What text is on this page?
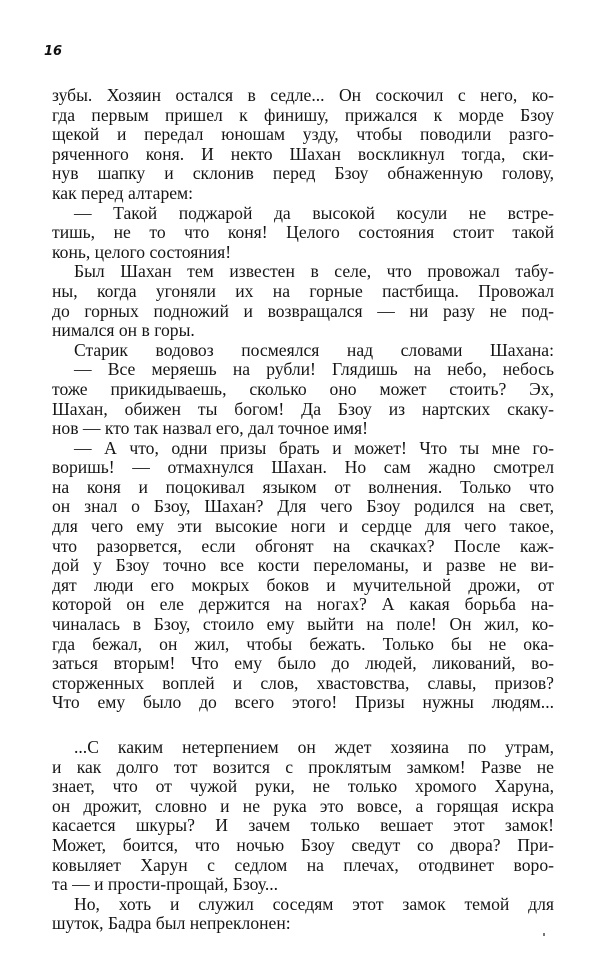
16
зубы. Хозяин остался в седле... Он соскочил с него, ко-
гда первым пришел к финишу, прижался к морде Бзоу
щекой и передал юношам узду, чтобы поводили разго-
ряченного коня. И некто Шахан воскликнул тогда, ски-
нув шапку и склонив перед Бзоу обнаженную голову,
как перед алтарем:
— Такой поджарой да высокой косули не встре-
тишь, не то что коня! Целого состояния стоит такой
конь, целого состояния!
Был Шахан тем известен в селе, что провожал табу-
ны, когда угоняли их на горные пастбища. Провожал
до горных подножий и возвращался — ни разу не под-
нимался он в горы.
Старик водовоз посмеялся над словами Шахана:
— Все меряешь на рубли! Глядишь на небо, небось
тоже прикидываешь, сколько оно может стоить? Эх,
Шахан, обижен ты богом! Да Бзоу из нартских скаку-
нов — кто так назвал его, дал точное имя!
— А что, одни призы брать и может! Что ты мне го-
воришь! — отмахнулся Шахан. Но сам жадно смотрел
на коня и поцокивал языком от волнения. Только что
он знал о Бзоу, Шахан? Для чего Бзоу родился на свет,
для чего ему эти высокие ноги и сердце для чего такое,
что разорвется, если обгонят на скачках? После каж-
дой у Бзоу точно все кости переломаны, и разве не ви-
дят люди его мокрых боков и мучительной дрожи, от
которой он еле держится на ногах? А какая борьба на-
чиналась в Бзоу, стоило ему выйти на поле! Он жил, ко-
гда бежал, он жил, чтобы бежать. Только бы не ока-
заться вторым! Что ему было до людей, ликований, во-
сторженных воплей и слов, хвастовства, славы, призов?
Что ему было до всего этого! Призы нужны людям...
...С каким нетерпением он ждет хозяина по утрам,
и как долго тот возится с проклятым замком! Разве не
знает, что от чужой руки, не только хромого Харуна,
он дрожит, словно и не рука это вовсе, а горящая искра
касается шкуры? И зачем только вешает этот замок!
Может, боится, что ночью Бзоу сведут со двора? При-
ковыляет Харун с седлом на плечах, отодвинет воро-
та — и прости-прощай, Бзоу...
Но, хоть и служил соседям этот замок темой для
шуток, Бадра был непреклонен:
